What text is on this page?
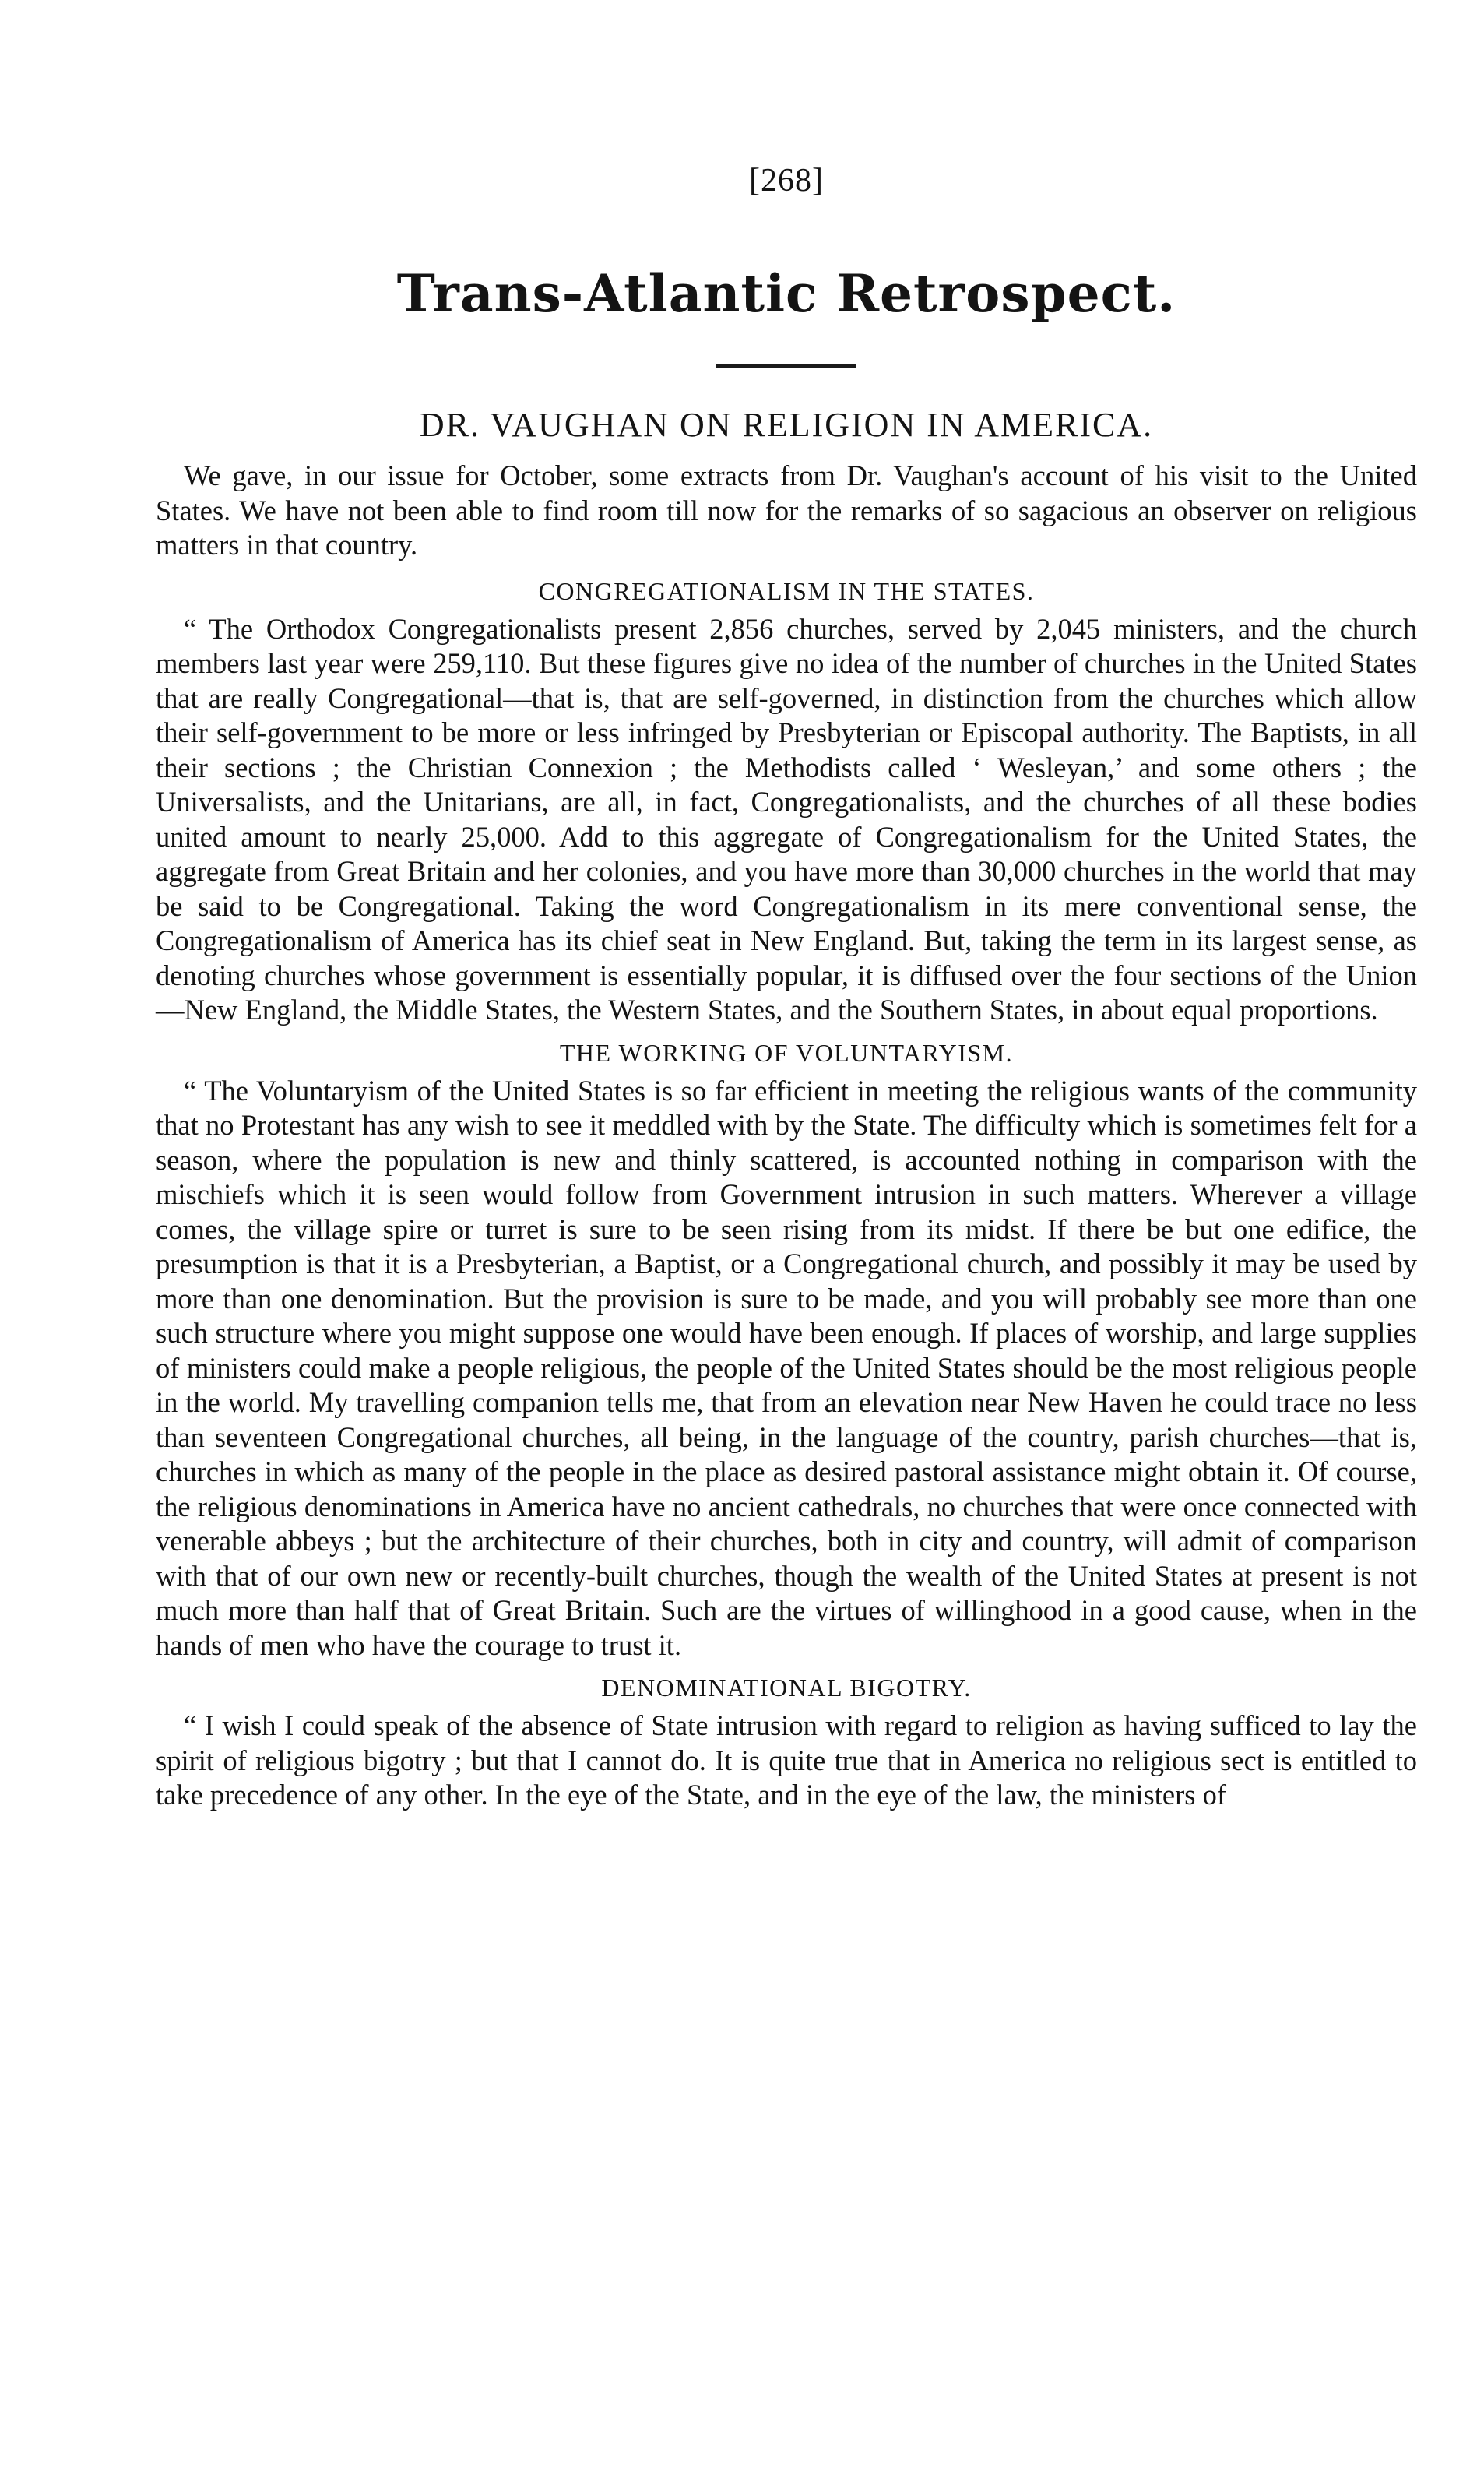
[268]
Trans-Atlantic Retrospect.
DR. VAUGHAN ON RELIGION IN AMERICA.

We gave, in our issue for October, some extracts from Dr. Vaughan's account of his visit to the United States. We have not been able to find room till now for the remarks of so sagacious an observer on religious matters in that country.

CONGREGATIONALISM IN THE STATES.

“ The Orthodox Congregationalists present 2,856 churches, served by 2,045 ministers, and the church members last year were 259,110. But these figures give no idea of the number of churches in the United States that are really Congregational—that is, that are self-governed, in distinction from the churches which allow their self-government to be more or less infringed by Presbyterian or Episcopal authority. The Baptists, in all their sections ; the Christian Connexion ; the Methodists called ‘ Wesleyan,’ and some others ; the Universalists, and the Unitarians, are all, in fact, Congregationalists, and the churches of all these bodies united amount to nearly 25,000. Add to this aggregate of Congregationalism for the United States, the aggregate from Great Britain and her colonies, and you have more than 30,000 churches in the world that may be said to be Congregational. Taking the word Congregationalism in its mere conventional sense, the Congregationalism of America has its chief seat in New England. But, taking the term in its largest sense, as denoting churches whose government is essentially popular, it is diffused over the four sections of the Union—New England, the Middle States, the Western States, and the Southern States, in about equal proportions.

THE WORKING OF VOLUNTARYISM.

“ The Voluntaryism of the United States is so far efficient in meeting the religious wants of the community that no Protestant has any wish to see it meddled with by the State. The difficulty which is sometimes felt for a season, where the population is new and thinly scattered, is accounted nothing in comparison with the mischiefs which it is seen would follow from Government intrusion in such matters. Wherever a village comes, the village spire or turret is sure to be seen rising from its midst. If there be but one edifice, the presumption is that it is a Presbyterian, a Baptist, or a Congregational church, and possibly it may be used by more than one denomination. But the provision is sure to be made, and you will probably see more than one such structure where you might suppose one would have been enough. If places of worship, and large supplies of ministers could make a people religious, the people of the United States should be the most religious people in the world. My travelling companion tells me, that from an elevation near New Haven he could trace no less than seventeen Congregational churches, all being, in the language of the country, parish churches—that is, churches in which as many of the people in the place as desired pastoral assistance might obtain it. Of course, the religious denominations in America have no ancient cathedrals, no churches that were once connected with venerable abbeys ; but the architecture of their churches, both in city and country, will admit of comparison with that of our own new or recently-built churches, though the wealth of the United States at present is not much more than half that of Great Britain. Such are the virtues of willinghood in a good cause, when in the hands of men who have the courage to trust it.

DENOMINATIONAL BIGOTRY.

“ I wish I could speak of the absence of State intrusion with regard to religion as having sufficed to lay the spirit of religious bigotry ; but that I cannot do. It is quite true that in America no religious sect is entitled to take precedence of any other. In the eye of the State, and in the eye of the law, the ministers of
